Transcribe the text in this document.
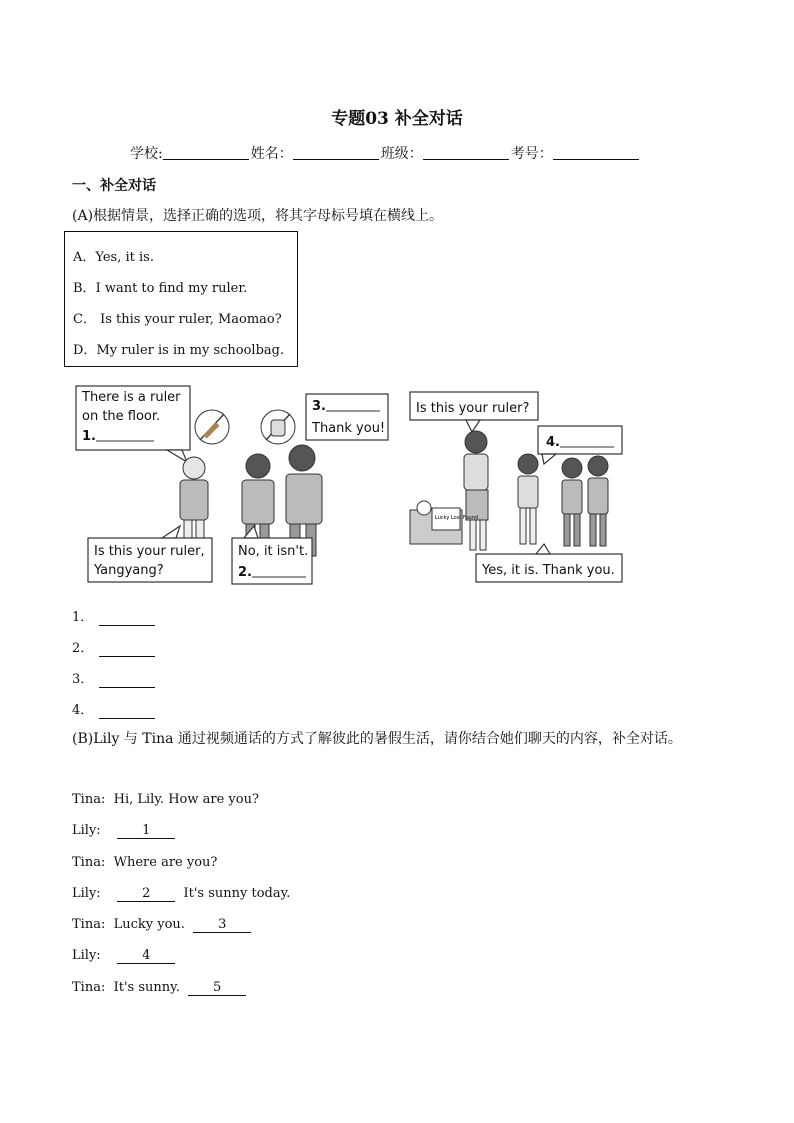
专题03 补全对话
学校:	姓名：	班级：	考号：
一、补全对话
(A)根据情景，选择正确的选项，将其字母标号填在横线上。
A．Yes, it is.
B．I want to find my ruler.
C． Is this your ruler, Maomao?
D．My ruler is in my schoolbag.
There is a ruler
on the floor.
1.
3.
Thank you!
Is this your ruler,
Yangyang?
No, it isn't.
2.
Is this your ruler?
Lucky Lost Found
4.
Yes, it is. Thank you.
1．
2．
3．
4．
(B)Lily 与 Tina 通过视频通话的方式了解彼此的暑假生活，请你结合她们聊天的内容，补全对话。
Tina: Hi, Lily. How are you?
Lily:	1
Tina: Where are you?
Lily:	2	It's sunny today.
Tina: Lucky you.	3
Lily:	4
Tina: It's sunny.	5
